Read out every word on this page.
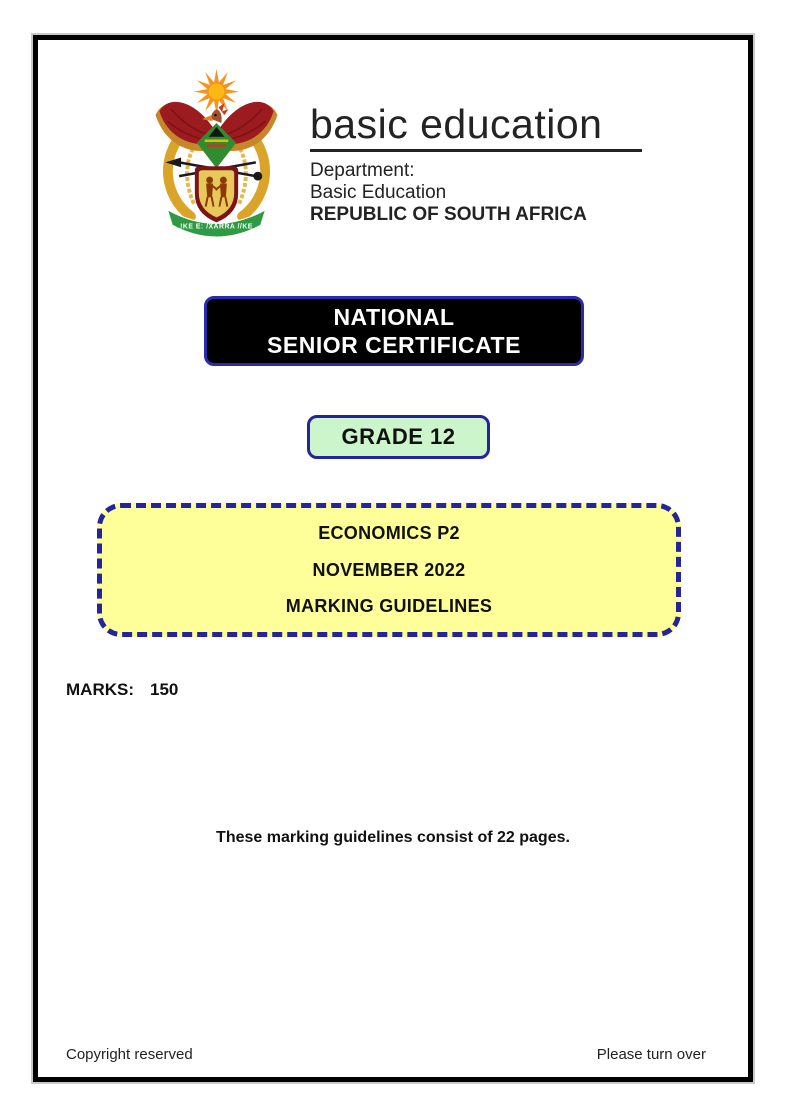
!KE E: /XARRA //KE
basic education
Department:
Basic Education
REPUBLIC OF SOUTH AFRICA
NATIONAL
SENIOR CERTIFICATE
GRADE 12
ECONOMICS P2
NOVEMBER 2022
MARKING GUIDELINES
MARKS: 150
These marking guidelines consist of 22 pages.
Copyright reserved	Please turn over
